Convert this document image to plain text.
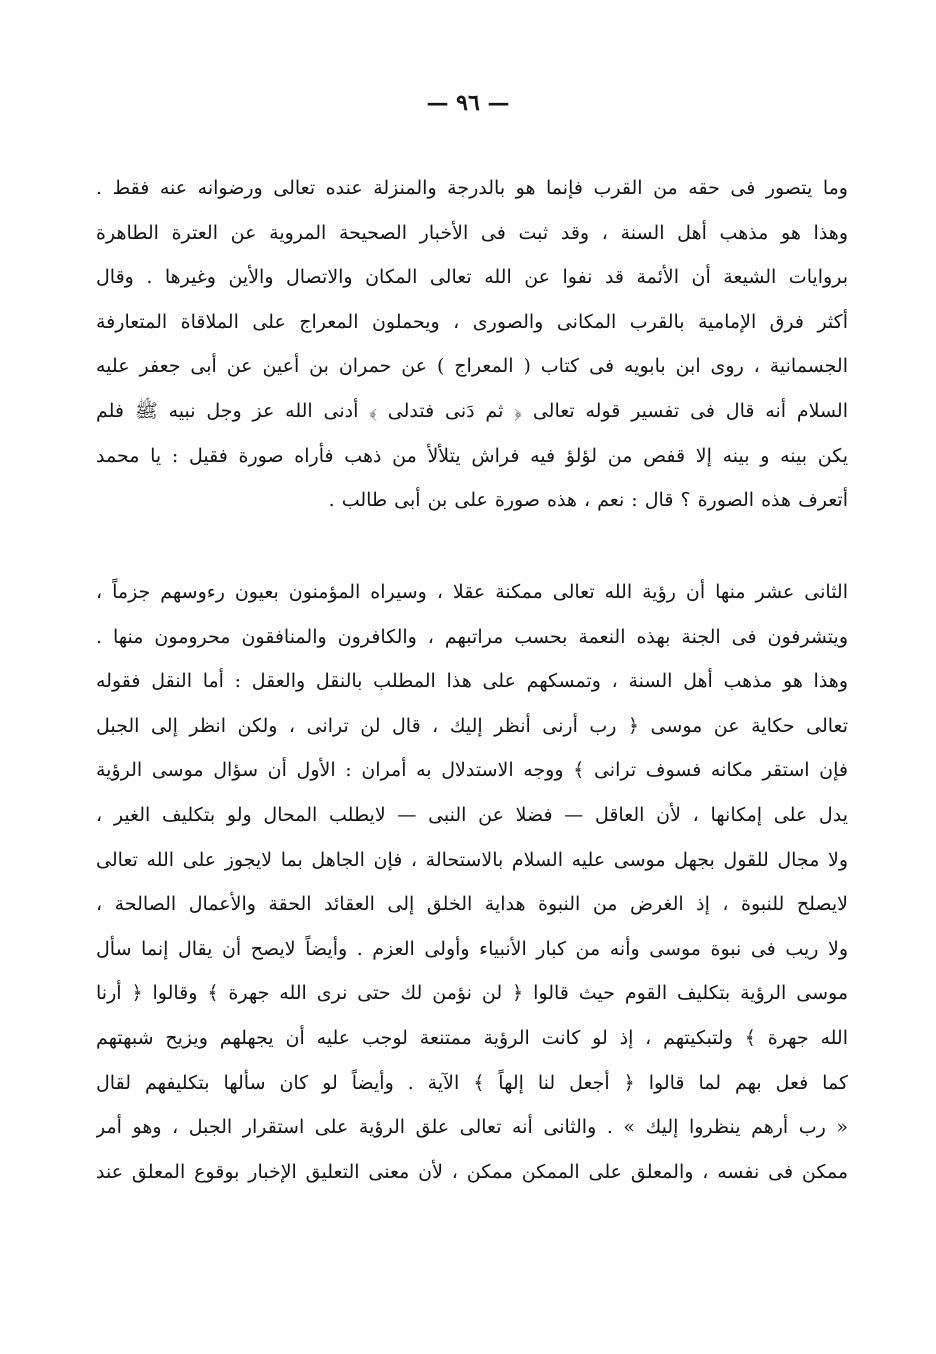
— ٩٦ —
وما يتصور فى حقه من القرب فإنما هو بالدرجة والمنزلة عنده تعالى ورضوانه عنه فقط .
وهذا هو مذهب أهل السنة ، وقد ثبت فى الأخبار الصحيحة المروية عن العترة الطاهرة
بروايات الشيعة أن الأئمة قد نفوا عن الله تعالى المكان والاتصال والأين وغيرها . وقال
أكثر فرق الإمامية بالقرب المكانى والصورى ، ويحملون المعراج على الملاقاة المتعارفة
الجسمانية ، روى ابن بابويه فى كتاب ( المعراج ) عن حمران بن أعين عن أبى جعفر عليه
السلام أنه قال فى تفسير قوله تعالى ﴿ ثم دَنى فتدلى ﴾ أدنى الله عز وجل نبيه ﷺ فلم
يكن بينه و بينه إلا قفص من لؤلؤ فيه فراش يتلألأ من ذهب فأراه صورة فقيل : يا محمد
أتعرف هذه الصورة ؟ قال : نعم ، هذه صورة على بن أبى طالب .
الثانى عشر منها أن رؤية الله تعالى ممكنة عقلا ، وسيراه المؤمنون بعيون رءوسهم جزماً ،
ويتشرفون فى الجنة بهذه النعمة بحسب مراتبهم ، والكافرون والمنافقون محرومون منها .
وهذا هو مذهب أهل السنة ، وتمسكهم على هذا المطلب بالنقل والعقل : أما النقل فقوله
تعالى حكاية عن موسى ﴿ رب أرنى أنظر إليك ، قال لن ترانى ، ولكن انظر إلى الجبل
فإن استقر مكانه فسوف ترانى ﴾ ووجه الاستدلال به أمران : الأول أن سؤال موسى الرؤية
يدل على إمكانها ، لأن العاقل — فضلا عن النبى — لايطلب المحال ولو بتكليف الغير ،
ولا مجال للقول بجهل موسى عليه السلام بالاستحالة ، فإن الجاهل بما لايجوز على الله تعالى
لايصلح للنبوة ، إذ الغرض من النبوة هداية الخلق إلى العقائد الحقة والأعمال الصالحة ،
ولا ريب فى نبوة موسى وأنه من كبار الأنبياء وأولى العزم . وأيضاً لايصح أن يقال إنما سأل
موسى الرؤية بتكليف القوم حيث قالوا ﴿ لن نؤمن لك حتى نرى الله جهرة ﴾ وقالوا ﴿ أرنا
الله جهرة ﴾ ولتبكيتهم ، إذ لو كانت الرؤية ممتنعة لوجب عليه أن يجهلهم ويزيح شبهتهم
كما فعل بهم لما قالوا ﴿ أجعل لنا إلهاً ﴾ الآية . وأيضاً لو كان سألها بتكليفهم لقال
« رب أرهم ينظروا إليك » . والثانى أنه تعالى علق الرؤية على استقرار الجبل ، وهو أمر
ممكن فى نفسه ، والمعلق على الممكن ممكن ، لأن معنى التعليق الإخبار بوقوع المعلق عند
